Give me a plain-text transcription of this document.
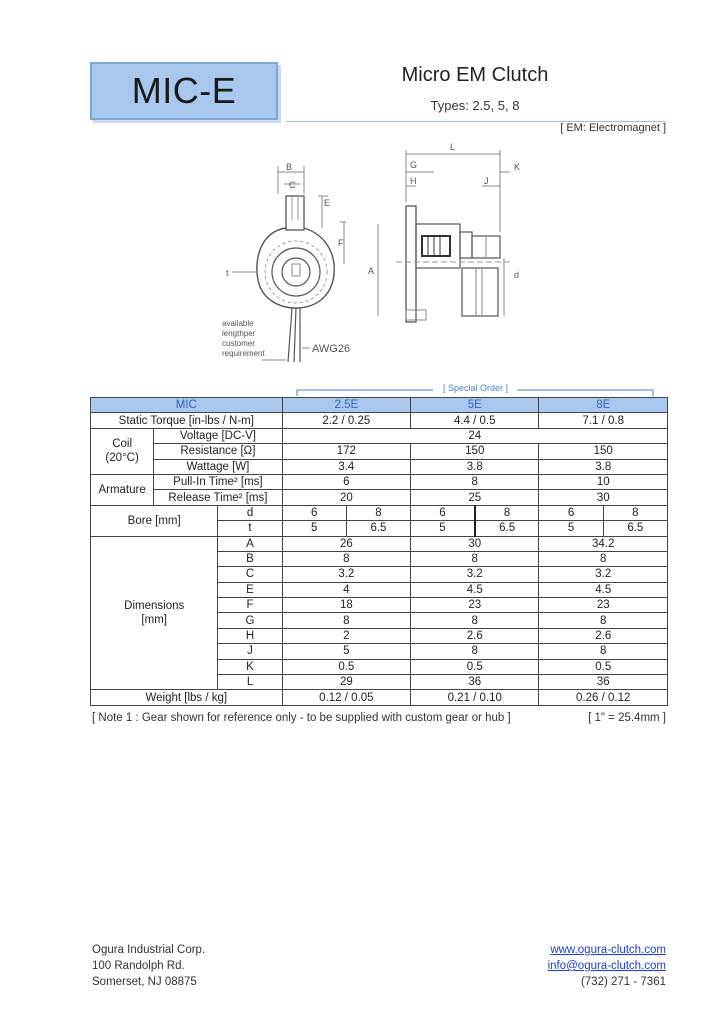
MIC-E	Micro EM Clutch
Types: 2.5, 5, 8
[ EM: Electromagnet ]
B
C
E
F
t	A
L
G
H	J
K
d
AWG26
available
lengthper
customer
requirement
[ Special Order ]
MIC			2.5E		5E		8E	
Static Torque [in-lbs / N-m]			2.2 / 0.25		4.4 / 0.5		7.1 / 0.8	

Coil
(20°C)	Voltage [DC-V]		24					
	Resistance [Ω]		172		150		150	
	Wattage [W]		3.4		3.8		3.8	
Armature	Pull-In Time² [ms]		6		8		10	
	Release Time² [ms]		20		25		30	
Bore [mm]		d	6	8	6	8	6	8
		t	5	6.5	5	6.5	5	6.5

Dimensions
[mm]		A	26		30		34.2	
		B	8		8		8	
		C	3.2		3.2		3.2	
		E	4		4.5		4.5	
		F	18		23		23	
		G	8		8		8	
		H	2		2.6		2.6	
		J	5		8		8	
		K	0.5		0.5		0.5	
		L	29		36		36	
Weight [lbs / kg]			0.12 / 0.05		0.21 / 0.10		0.26 / 0.12	
[ Note 1 : Gear shown for reference only - to be supplied with custom gear or hub ]	[ 1" = 25.4mm ]
Ogura Industrial Corp.
100 Randolph Rd.
Somerset, NJ 08875
www.ogura-clutch.com
info@ogura-clutch.com
(732) 271 - 7361
